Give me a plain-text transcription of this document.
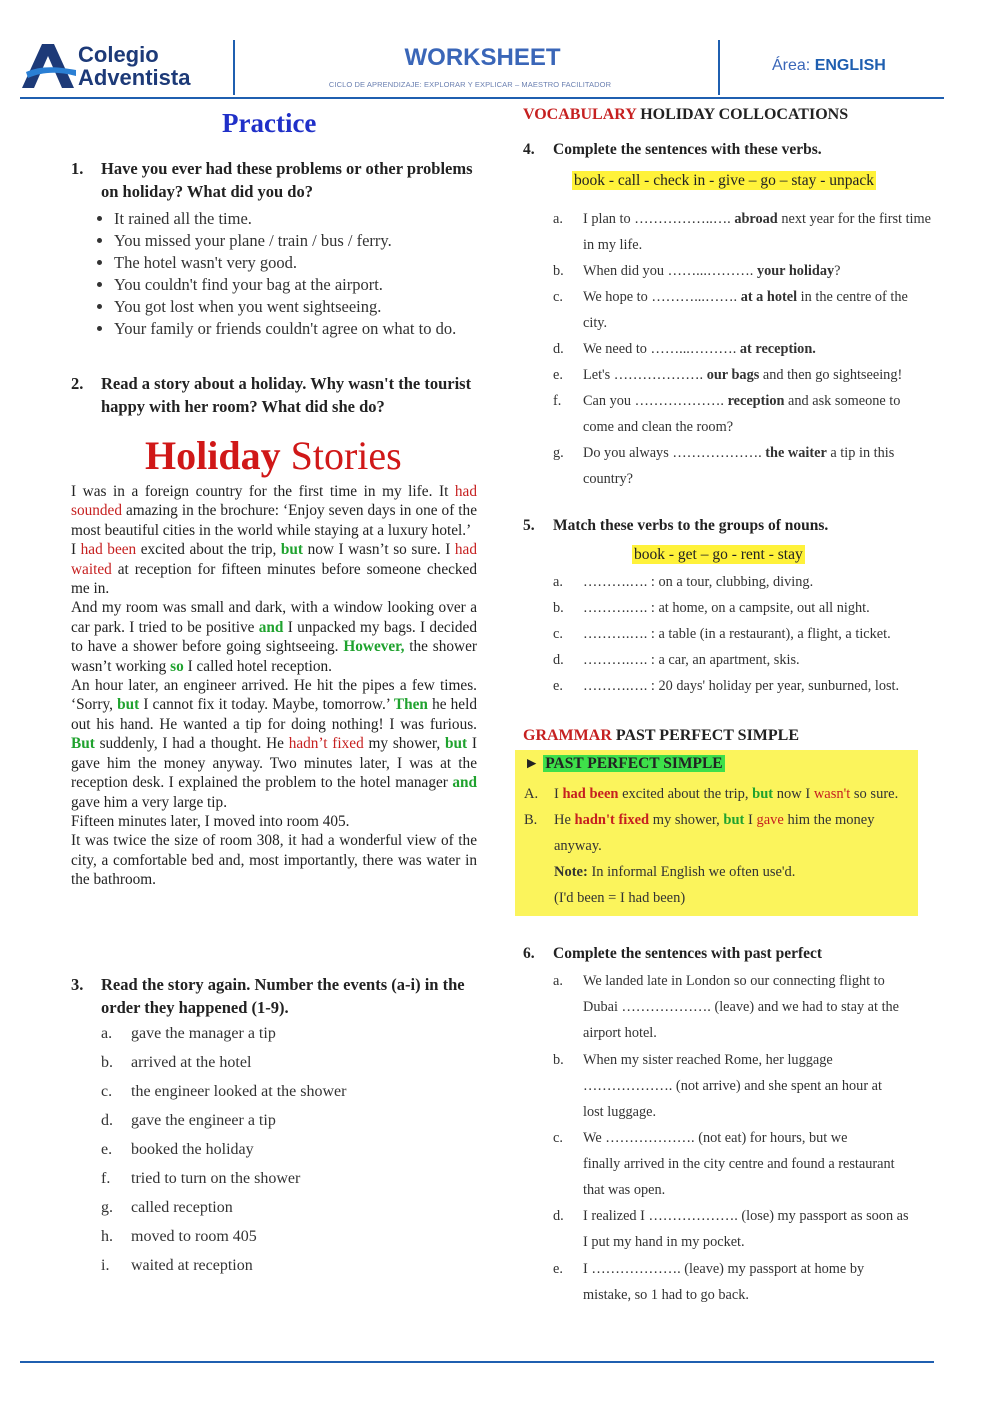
Colegio
Adventista
WORKSHEET
CICLO DE APRENDIZAJE: EXPLORAR Y EXPLICAR – MAESTRO FACILITADOR
Área: ENGLISH
Practice
1.	Have you ever had these problems or other problems on holiday? What did you do?
• It rained all the time.
• You missed your plane / train / bus / ferry.
• The hotel wasn't very good.
• You couldn't find your bag at the airport.
• You got lost when you went sightseeing.
• Your family or friends couldn't agree on what to do.
2.	Read a story about a holiday. Why wasn't the tourist happy with her room? What did she do?
Holiday Stories

I was in a foreign country for the first time in my life. It had sounded amazing in the brochure: ‘Enjoy seven days in one of the most beautiful cities in the world while staying at a luxury hotel.’

I had been excited about the trip, but now I wasn’t so sure. I had waited at reception for fifteen minutes before someone checked me in.

And my room was small and dark, with a window looking over a car park. I tried to be positive and I unpacked my bags. I decided to have a shower before going sightseeing. However, the shower wasn’t working so I called hotel reception.

An hour later, an engineer arrived. He hit the pipes a few times. ‘Sorry, but I cannot fix it today. Maybe, tomorrow.’ Then he held out his hand. He wanted a tip for doing nothing! I was furious. But suddenly, I had a thought. He hadn’t fixed my shower, but I gave him the money anyway. Two minutes later, I was at the reception desk. I explained the problem to the hotel manager and gave him a very large tip.

Fifteen minutes later, I moved into room 405.

It was twice the size of room 308, it had a wonderful view of the city, a comfortable bed and, most importantly, there was water in the bathroom.

3.	Read the story again. Number the events (a-i) in the order they happened (1-9).
a. gave the manager a tip
b. arrived at the hotel
c. the engineer looked at the shower
d. gave the engineer a tip
e. booked the holiday
f. tried to turn on the shower
g. called reception
h. moved to room 405
i. waited at reception
VOCABULARY HOLIDAY COLLOCATIONS
4. Complete the sentences with these verbs.
book - call - check in - give – go – stay - unpack
a.	I plan to ……………..…. abroad next year for the first time in my life.
b.	When did you ……...………. your holiday?
c.	We hope to ………...……. at a hotel in the centre of the city.
d.	We need to ……...………. at reception.
e.	Let's ………………. our bags and then go sightseeing!
f.	Can you ………………. reception and ask someone to come and clean the room?
g.	Do you always ………………. the waiter a tip in this country?
5. Match these verbs to the groups of nouns.
book - get – go - rent - stay
a.	……….…. : on a tour, clubbing, diving.
b.	……….…. : at home, on a campsite, out all night.
c.	……….…. : a table (in a restaurant), a flight, a ticket.
d.	……….…. : a car, an apartment, skis.
e.	……….…. : 20 days' holiday per year, sunburned, lost.
GRAMMAR PAST PERFECT SIMPLE
► PAST PERFECT SIMPLE
A. I had been excited about the trip, but now I wasn't so sure.
B. He hadn't fixed my shower, but I gave him the money
anyway.
Note: In informal English we often use'd.
(I'd been = I had been)
6. Complete the sentences with past perfect
a.	We landed late in London so our connecting flight to
Dubai ………………. (leave) and we had to stay at the
airport hotel.
b.	When my sister reached Rome, her luggage
………………. (not arrive) and she spent an hour at
lost luggage.
c.	We ………………. (not eat) for hours, but we
finally arrived in the city centre and found a restaurant
that was open.
d.	I realized I ………………. (lose) my passport as soon as
I put my hand in my pocket.
e.	I ………………. (leave) my passport at home by
mistake, so 1 had to go back.
